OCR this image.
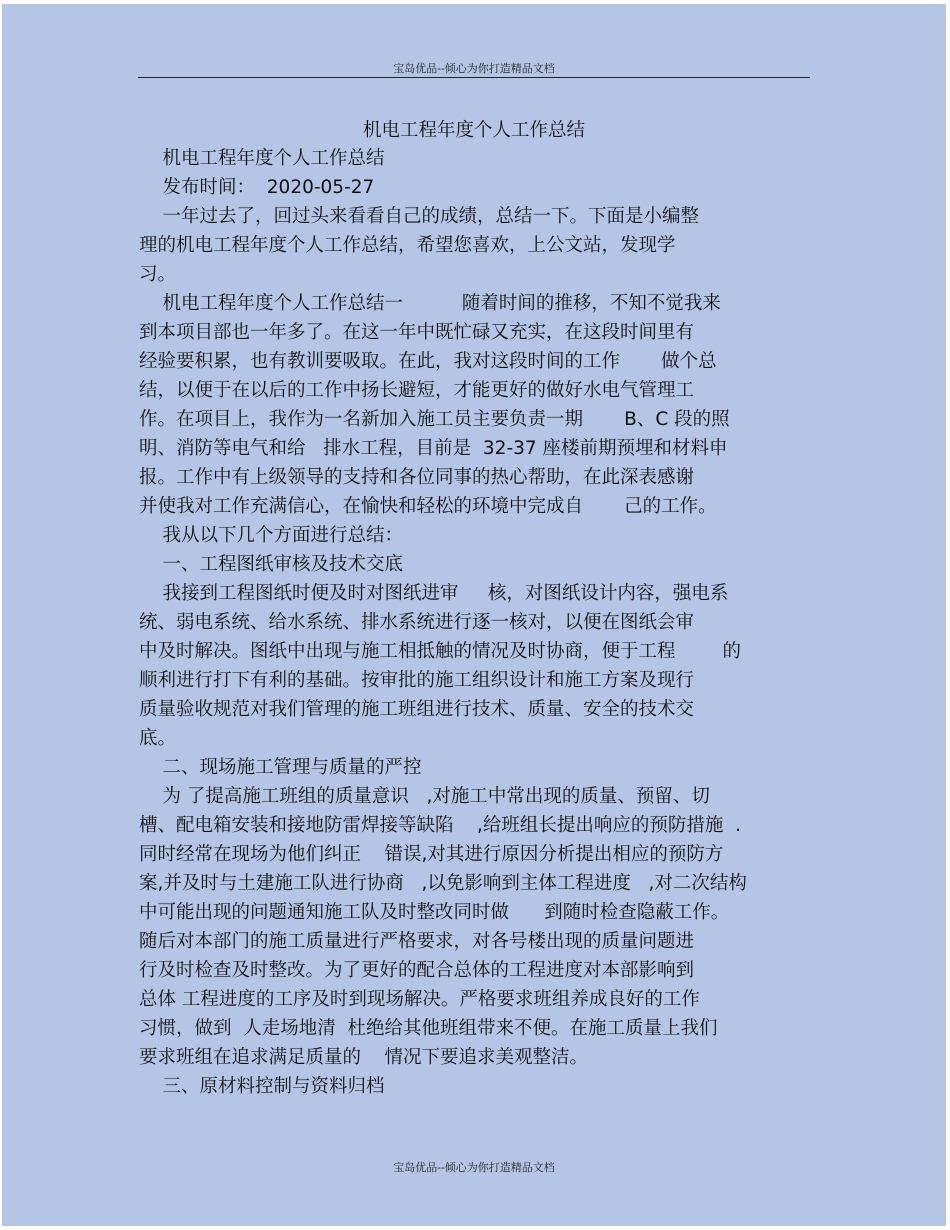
宝岛优品--倾心为你打造精品文档
机电工程年度个人工作总结
机电工程年度个人工作总结
发布时间：  2020-05-27
一年过去了，回过头来看看自己的成绩，总结一下。下面是小编整
理的机电工程年度个人工作总结，希望您喜欢，上公文站，发现学
习。
机电工程年度个人工作总结一          随着时间的推移，不知不觉我来
到本项目部也一年多了。在这一年中既忙碌又充实，在这段时间里有
经验要积累，也有教训要吸取。在此，我对这段时间的工作       做个总
结，以便于在以后的工作中扬长避短，才能更好的做好水电气管理工
作。在项目上，我作为一名新加入施工员主要负责一期       B、C 段的照
明、消防等电气和给   排水工程，目前是  32-37 座楼前期预埋和材料申
报。工作中有上级领导的支持和各位同事的热心帮助，在此深表感谢
并使我对工作充满信心，在愉快和轻松的环境中完成自       己的工作。
我从以下几个方面进行总结：
一、工程图纸审核及技术交底
我接到工程图纸时便及时对图纸进审     核，对图纸设计内容，强电系
统、弱电系统、给水系统、排水系统进行逐一核对，以便在图纸会审
中及时解决。图纸中出现与施工相抵触的情况及时协商，便于工程        的
顺利进行打下有利的基础。按审批的施工组织设计和施工方案及现行
质量验收规范对我们管理的施工班组进行技术、质量、安全的技术交
底。
二、现场施工管理与质量的严控
为 了提高施工班组的质量意识   ,对施工中常出现的质量、预留、切
槽、配电箱安装和接地防雷焊接等缺陷    ,给班组长提出响应的预防措施  .
同时经常在现场为他们纠正    错误,对其进行原因分析提出相应的预防方
案,并及时与土建施工队进行协商   ,以免影响到主体工程进度   ,对二次结构
中可能出现的问题通知施工队及时整改同时做      到随时检查隐蔽工作。
随后对本部门的施工质量进行严格要求，对各号楼出现的质量问题进
行及时检查及时整改。为了更好的配合总体的工程进度对本部影响到
总体 工程进度的工序及时到现场解决。严格要求班组养成良好的工作
习惯，做到  人走场地清  杜绝给其他班组带来不便。在施工质量上我们
要求班组在追求满足质量的    情况下要追求美观整洁。
三、原材料控制与资料归档
宝岛优品--倾心为你打造精品文档
